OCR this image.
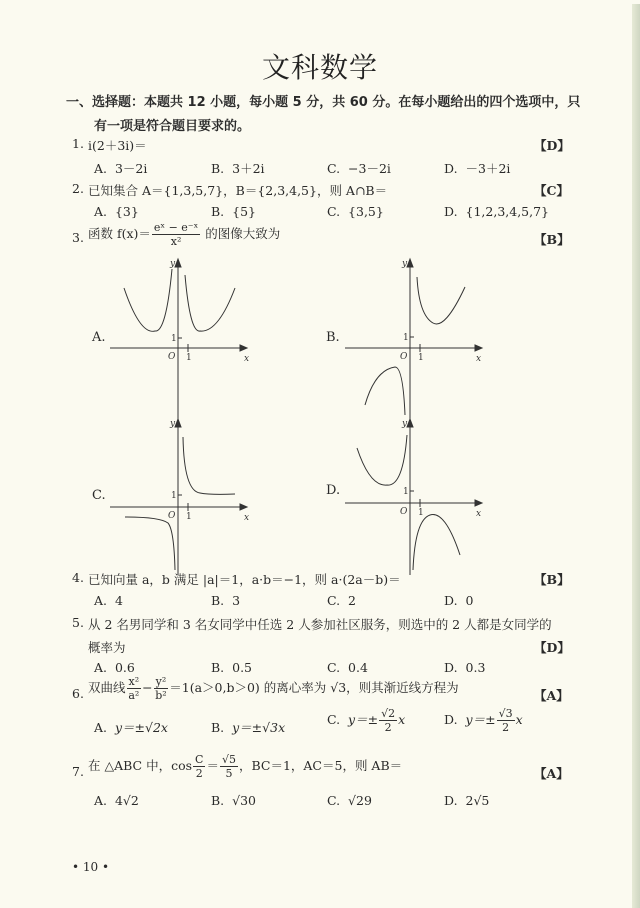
文科数学
一、选择题：本题共 12 小题，每小题 5 分，共 60 分。在每小题给出的四个选项中，只
有一项是符合题目要求的。
1. i(2＋3i)＝	【D】
A. 3－2i	B. 3＋2i	C. −3－2i	D. －3＋2i
2. 已知集合 A＝{1,3,5,7}，B＝{2,3,4,5}，则 A∩B＝	【C】
A. {3}	B. {5}	C. {3,5}	D. {1,2,3,4,5,7}
3. 函数 $f(x)= \frac{\text{eˣ − e⁻ˣ}}{\text{x²}}$ 的图像大致为	【B】
A.
y
x
O
1
1
B.
y
x
O
1
1
C.
y
x
O
1
1
D.
y
x
O
1
1
4. 已知向量 a，b 满足 |a|＝1，a·b＝−1，则 a·(2a－b)＝	【B】
A. 4	B. 3	C. 2	D. 0
5. 从 2 名男同学和 3 名女同学中任选 2 人参加社区服务，则选中的 2 人都是女同学的
概率为	【D】
A. 0.6	B. 0.5	C. 0.4	D. 0.3
6. 双曲线 $\frac{\text{x²}}{\text{a²}} - \frac{\text{y²}}{\text{b²}} =1(a>0,b>0)$ 的离心率为 √3，则其渐近线方程为
【A】
A. y＝±√2x	B. y＝±√3x
C. $y=\pm \frac{√2}{2}$ x	D. $y=\pm \frac{√3}{2}$ x
7. 在 △ABC 中，$\cos \frac{C}{2} = \frac{√5}{5}$ ，BC＝1，AC＝5，则 AB＝
【A】
A. 4√2	B. √30	C. √29	D. 2√5
• 10 •
